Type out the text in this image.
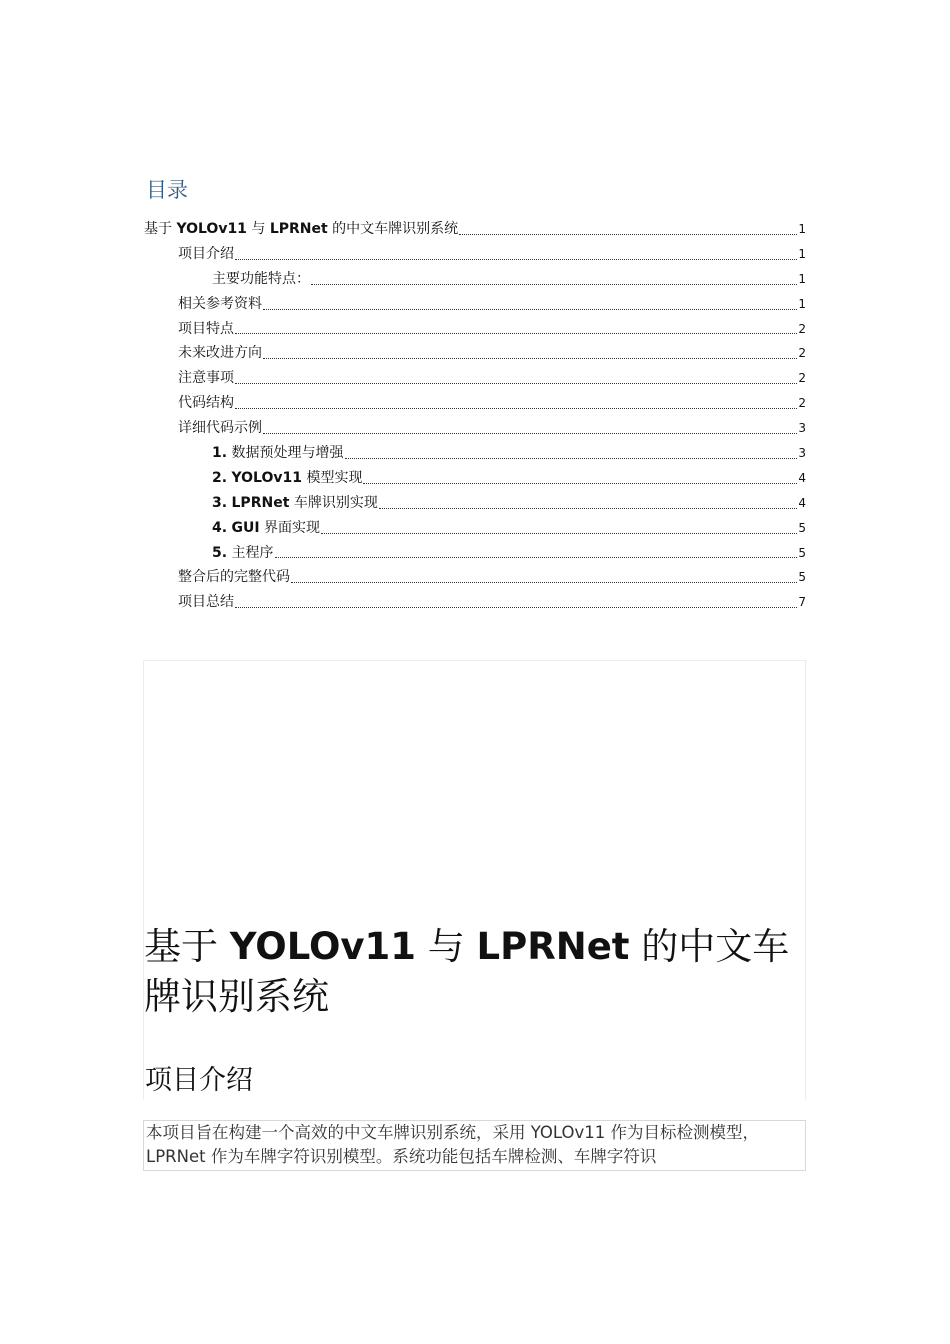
目录
基于 YOLOv11 与 LPRNet 的中文车牌识别系统	1
项目介绍	1
主要功能特点：	1
相关参考资料	1
项目特点	2
未来改进方向	2
注意事项	2
代码结构	2
详细代码示例	3
1. 数据预处理与增强	3
2. YOLOv11 模型实现	4
3. LPRNet 车牌识别实现	4
4. GUI 界面实现	5
5. 主程序	5
整合后的完整代码	5
项目总结	7
基于 YOLOv11 与 LPRNet 的中文车牌识别系统
项目介绍

本项目旨在构建一个高效的中文车牌识别系统，采用 YOLOv11 作为目标检测模型，LPRNet 作为车牌字符识别模型。系统功能包括车牌检测、车牌字符识
